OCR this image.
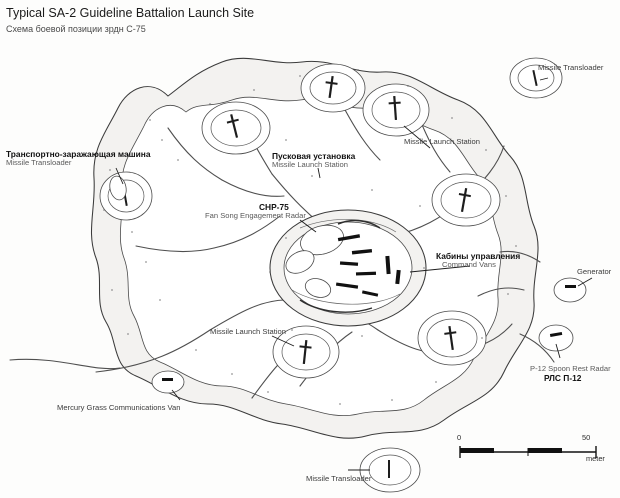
Typical SA-2 Guideline Battalion Launch Site
Схема боевой позиции зрдн С-75
Транспортно-заражающая машина
Missile Transloader
Пусковая установка
Missile Launch Station
СНР-75
Fan Song Engagement Radar
Кабины управления
Command Vans
P-12 Spoon Rest Radar
РЛС П-12
Missile Launch Station
Missile Transloader
Missile Launch Station
Generator
Mercury Grass Communications Van
Missile Transloader
0	50
meter
